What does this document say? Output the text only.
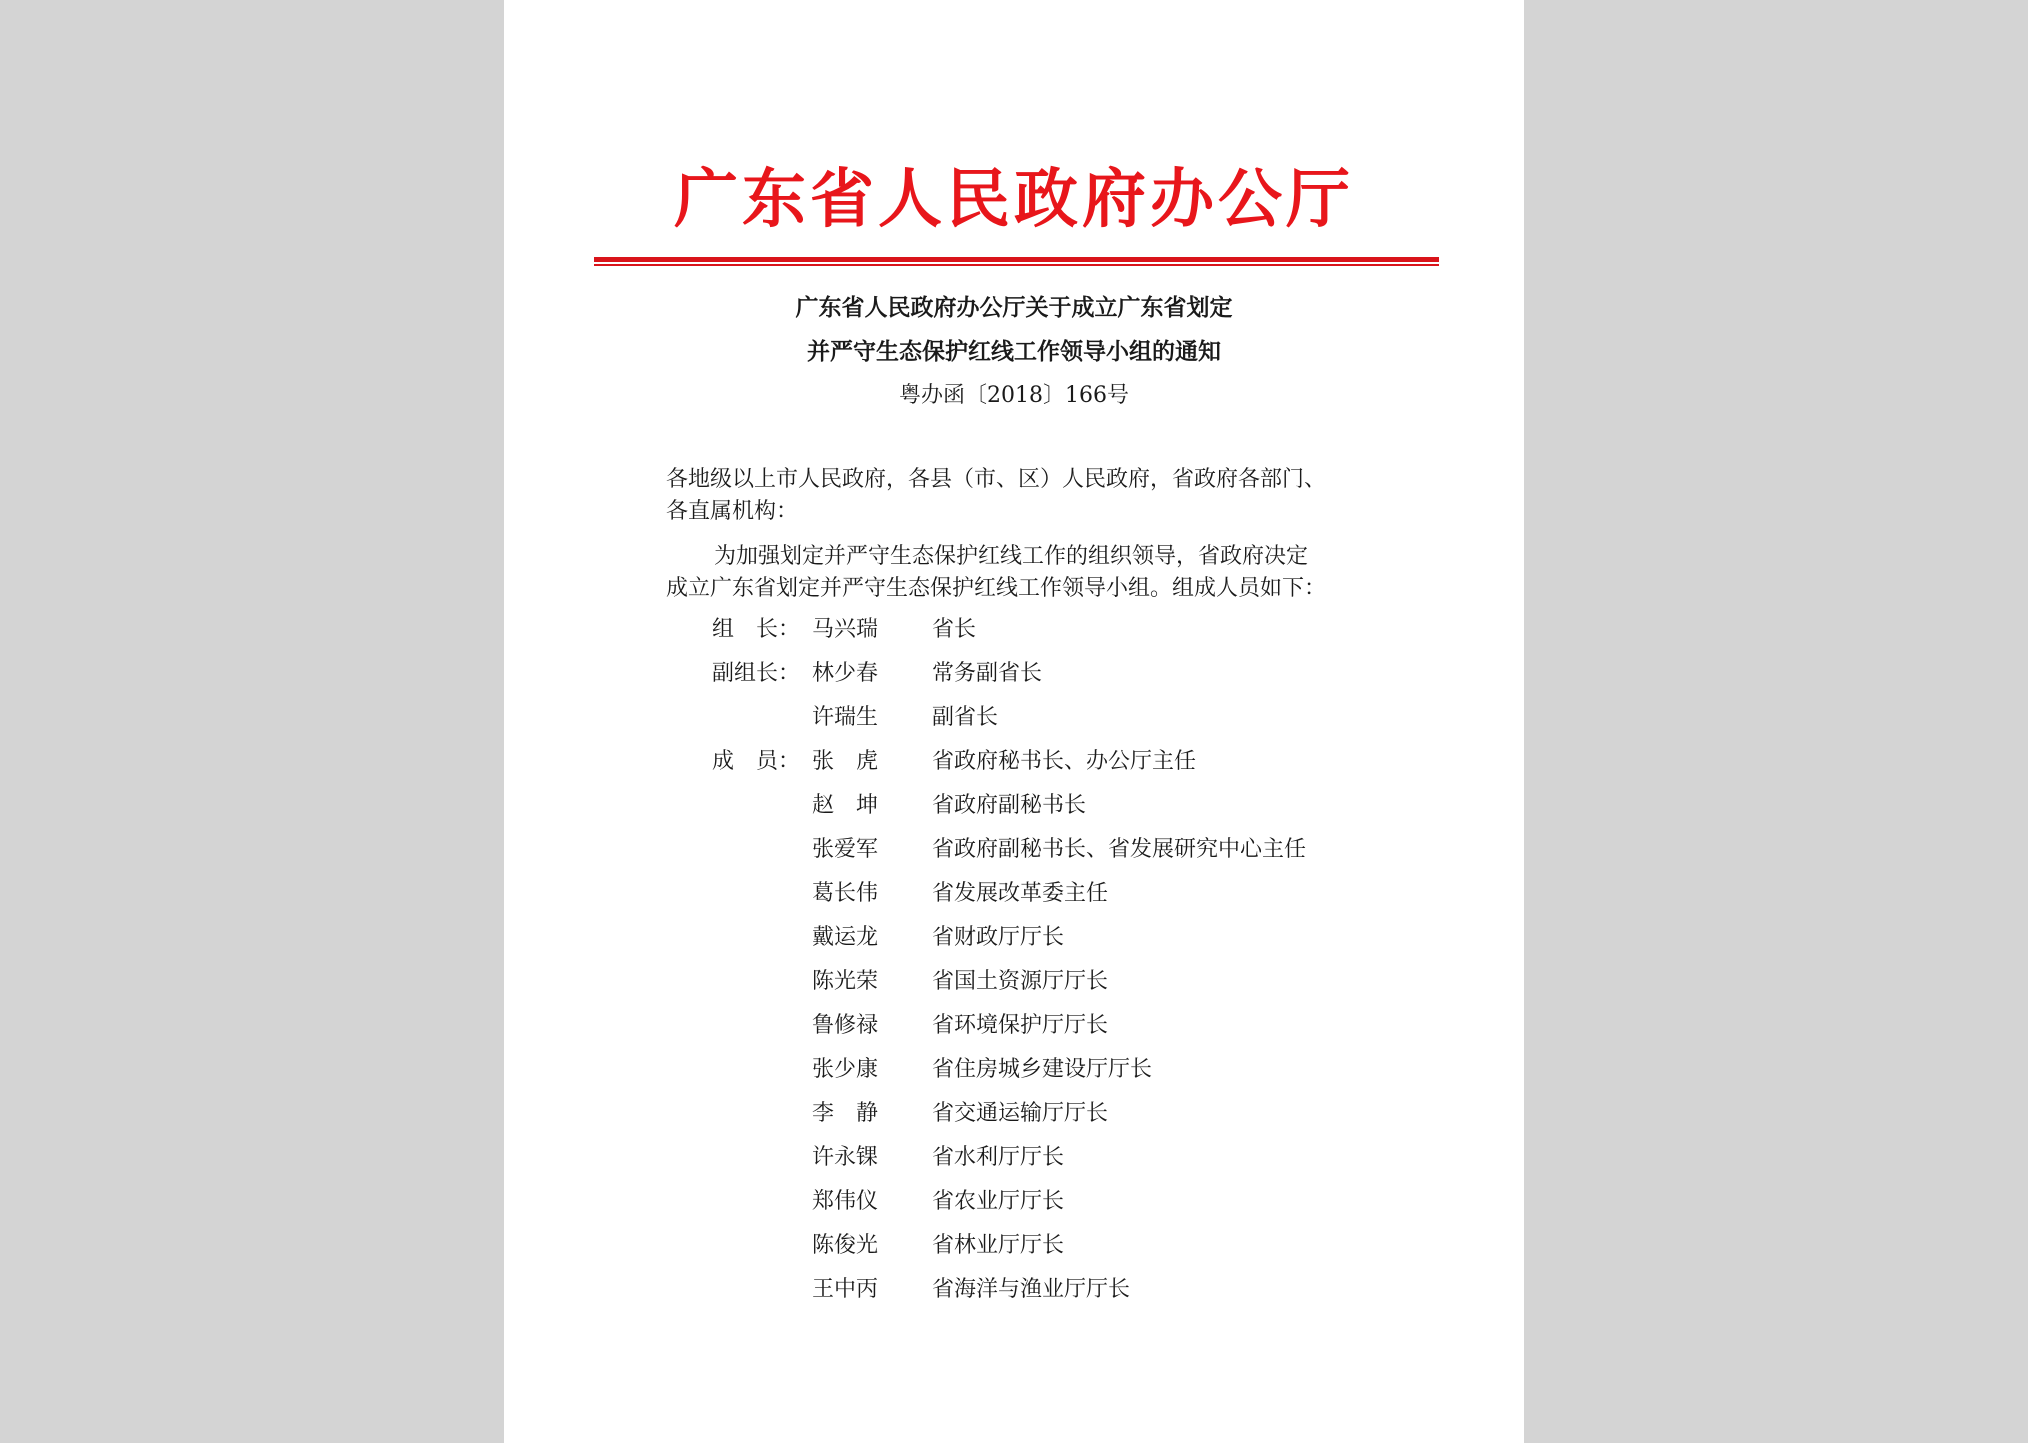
广东省人民政府办公厅
广东省人民政府办公厅关于成立广东省划定
并严守生态保护红线工作领导小组的通知
粤办函〔2018〕166号
各地级以上市人民政府，各县（市、区）人民政府，省政府各部门、
各直属机构：
为加强划定并严守生态保护红线工作的组织领导，省政府决定
成立广东省划定并严守生态保护红线工作领导小组。组成人员如下：
组　长： 马兴瑞	省长
副组长： 林少春	常务副省长
许瑞生	副省长
成　员： 张　虎	省政府秘书长、办公厅主任
赵　坤	省政府副秘书长
张爱军	省政府副秘书长、省发展研究中心主任
葛长伟	省发展改革委主任
戴运龙	省财政厅厅长
陈光荣	省国土资源厅厅长
鲁修禄	省环境保护厅厅长
张少康	省住房城乡建设厅厅长
李　静	省交通运输厅厅长
许永锞	省水利厅厅长
郑伟仪	省农业厅厅长
陈俊光	省林业厅厅长
王中丙	省海洋与渔业厅厅长
